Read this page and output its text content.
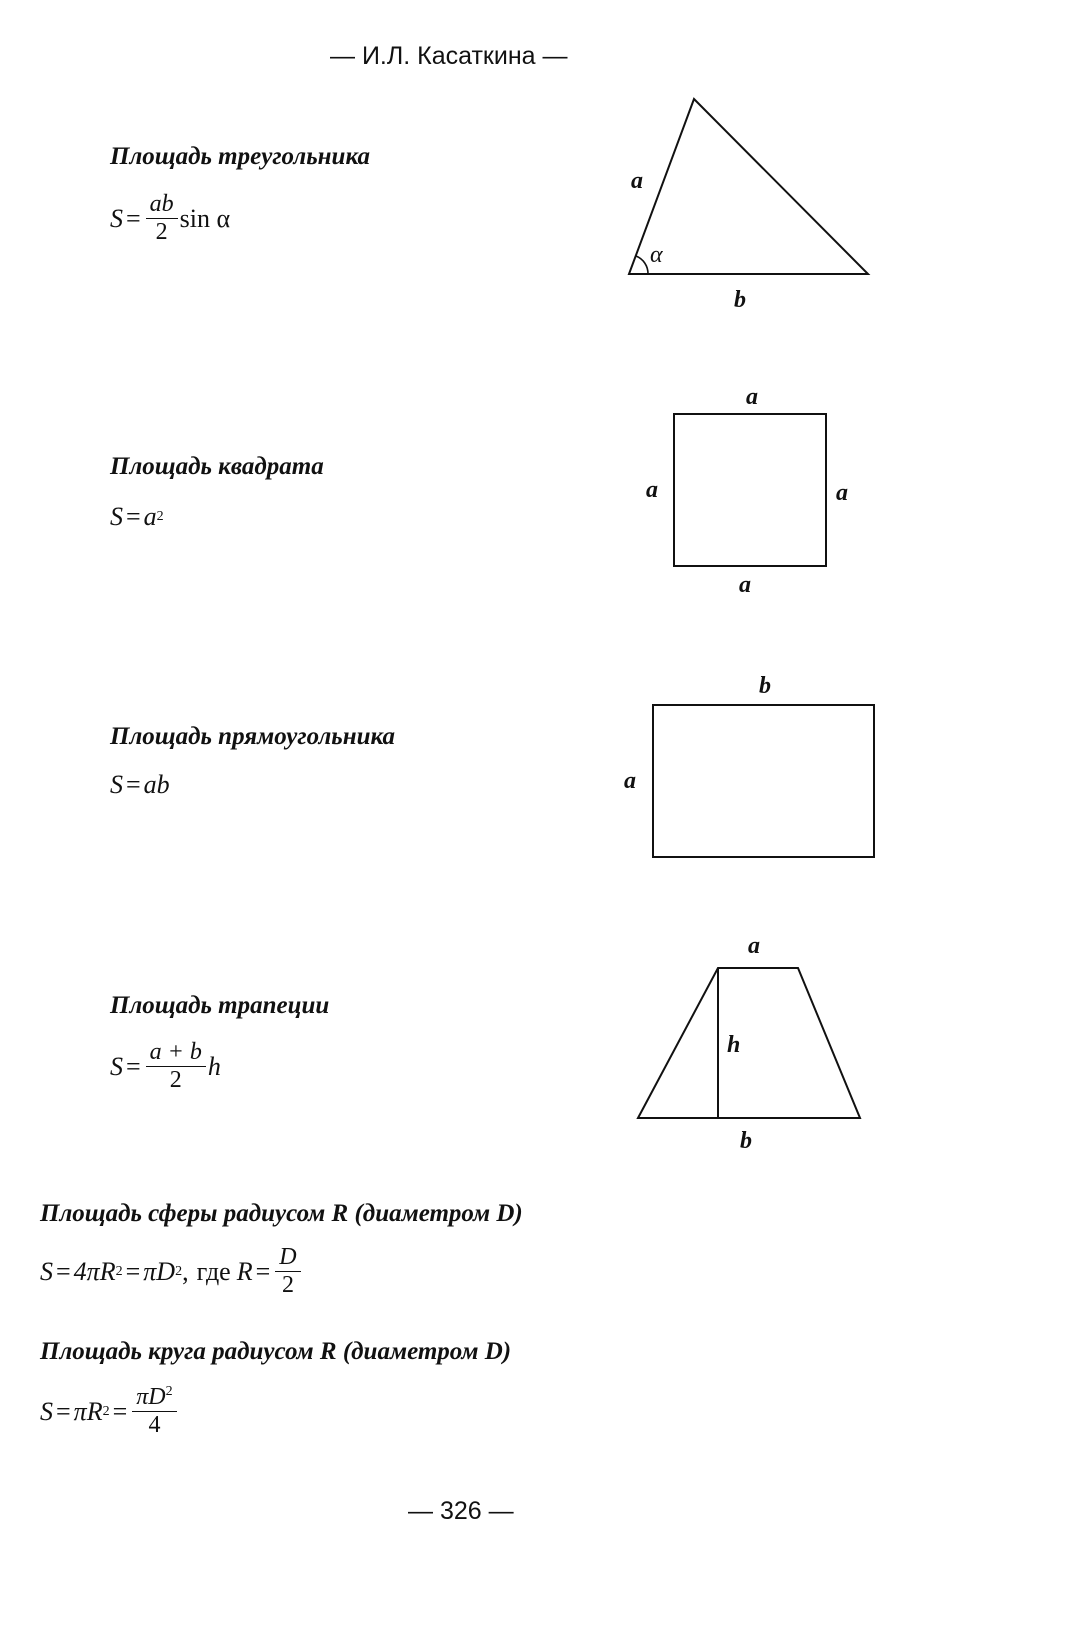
— И.Л. Касаткина —
a
α
b
a
a	a
a
b
a
a
h
b
Площадь треугольника
$S = \frac{ab}{2}$ sin α
Площадь квадрата
S = a 2
Площадь прямоугольника
S = ab
Площадь трапеции
$S = \frac{a + b}{2}$ h
Площадь сферы радиусом R (диаметром D)
S = 4πR 2 = πD 2 , где $R = \frac{D}{2}$
Площадь круга радиусом R (диаметром D)
S = πR $2 = \frac{\pi D^2}{4}$
— 326 —
